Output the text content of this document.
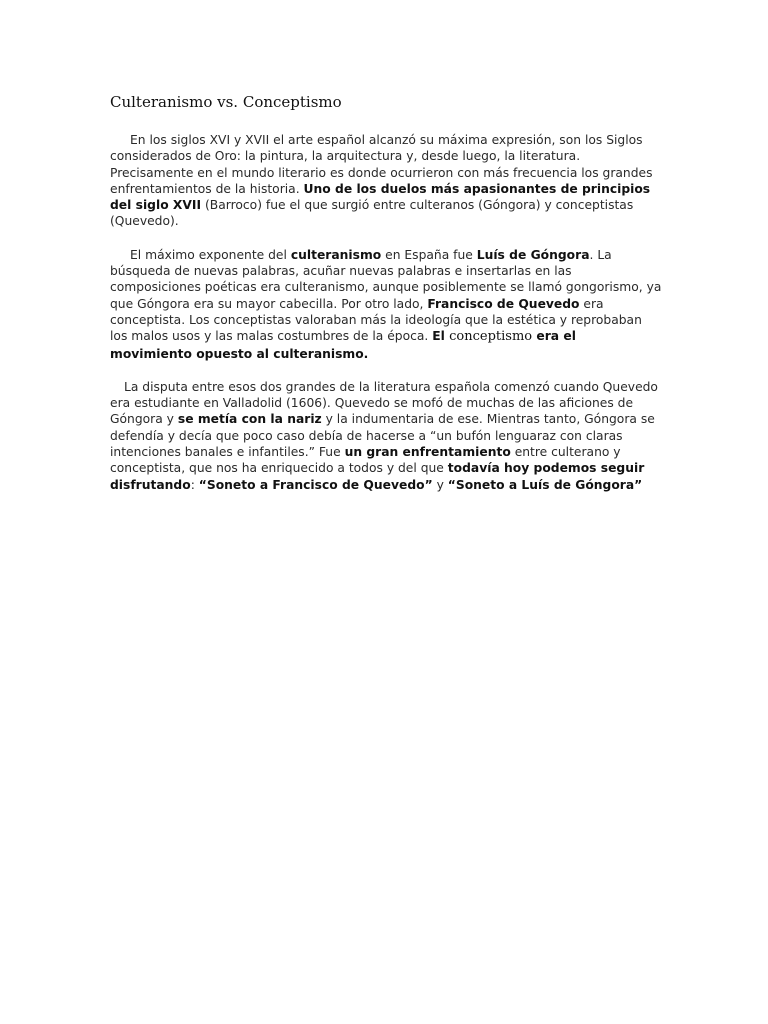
Culteranismo vs. Conceptismo

En los siglos XVI y XVII el arte español alcanzó su máxima expresión, son los Siglos considerados de Oro: la pintura, la arquitectura y, desde luego, la literatura. Precisamente en el mundo literario es donde ocurrieron con más frecuencia los grandes enfrentamientos de la historia. Uno de los duelos más apasionantes de principios del siglo XVII (Barroco) fue el que surgió entre culteranos (Góngora) y conceptistas (Quevedo).

El máximo exponente del culteranismo en España fue Luís de Góngora. La búsqueda de nuevas palabras, acuñar nuevas palabras e insertarlas en las composiciones poéticas era culteranismo, aunque posiblemente se llamó gongorismo, ya que Góngora era su mayor cabecilla. Por otro lado, Francisco de Quevedo era conceptista. Los conceptistas valoraban más la ideología que la estética y reprobaban los malos usos y las malas costumbres de la época. El conceptismo era el movimiento opuesto al culteranismo.

La disputa entre esos dos grandes de la literatura española comenzó cuando Quevedo era estudiante en Valladolid (1606). Quevedo se mofó de muchas de las aficiones de Góngora y se metía con la nariz y la indumentaria de ese. Mientras tanto, Góngora se defendía y decía que poco caso debía de hacerse a “un bufón lenguaraz con claras intenciones banales e infantiles.” Fue un gran enfrentamiento entre culterano y conceptista, que nos ha enriquecido a todos y del que todavía hoy podemos seguir disfrutando: “Soneto a Francisco de Quevedo” y “Soneto a Luís de Góngora”
